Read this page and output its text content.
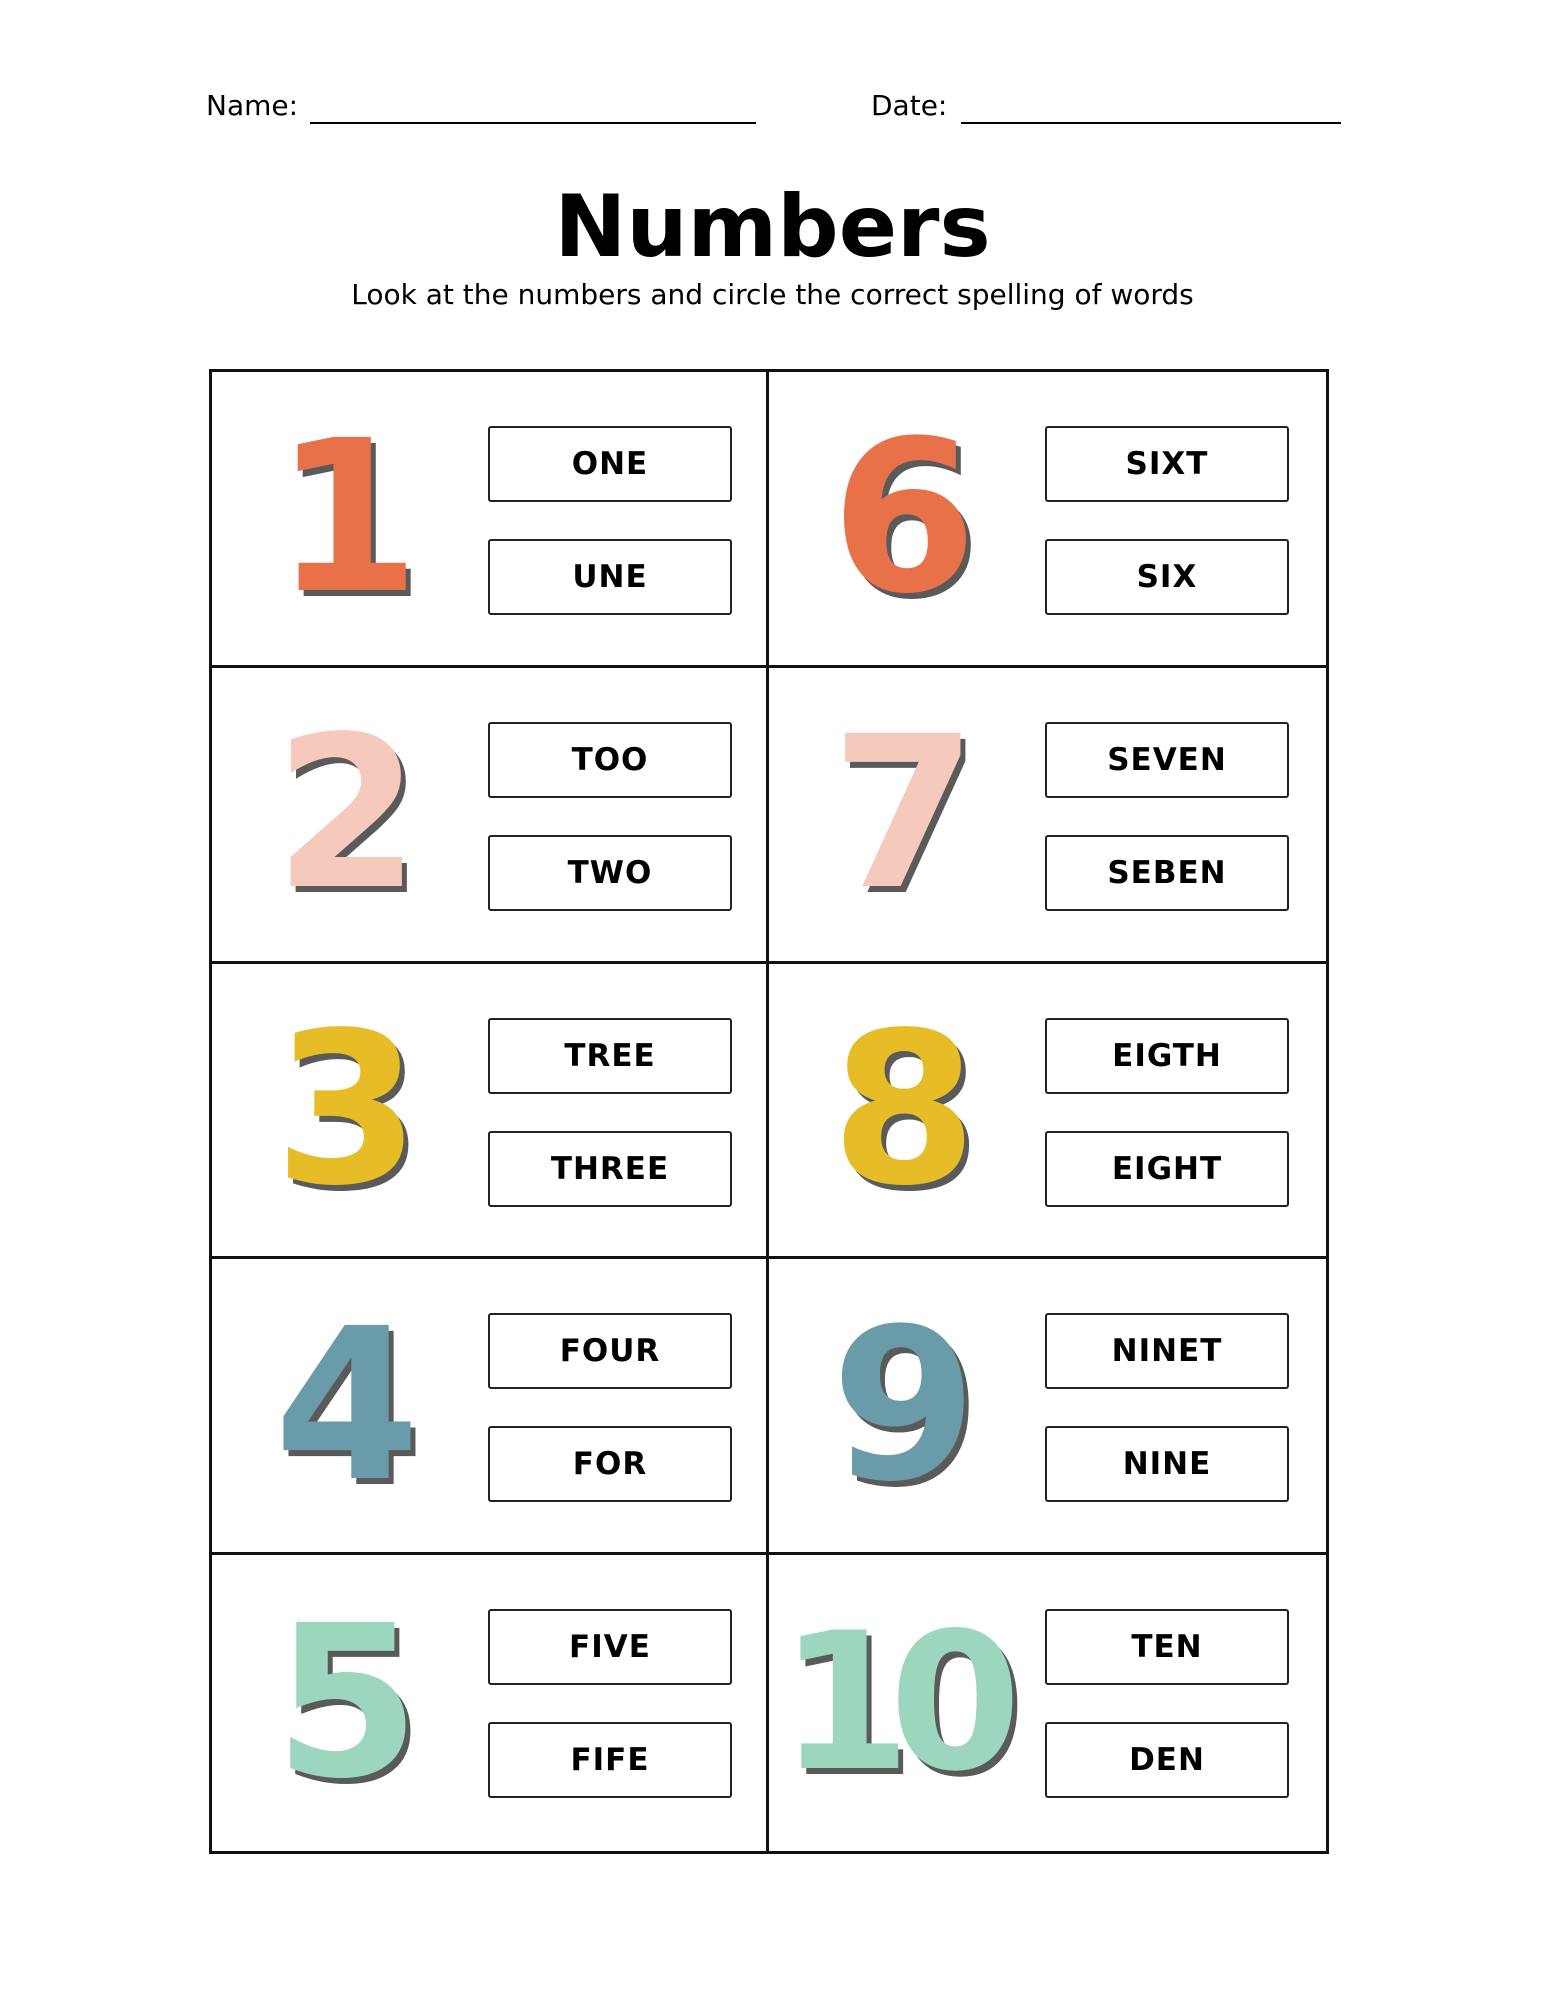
Name:	Date:
Numbers
Look at the numbers and circle the correct spelling of words
1	ONE
UNE 6	SIXT
SIX
2	TOO
TWO 7	SEVEN
SEBEN
3	TREE
THREE 8	EIGTH
EIGHT
4	FOUR
FOR 9	NINET
NINE
5	FIVE
FIFE 10	TEN
DEN
